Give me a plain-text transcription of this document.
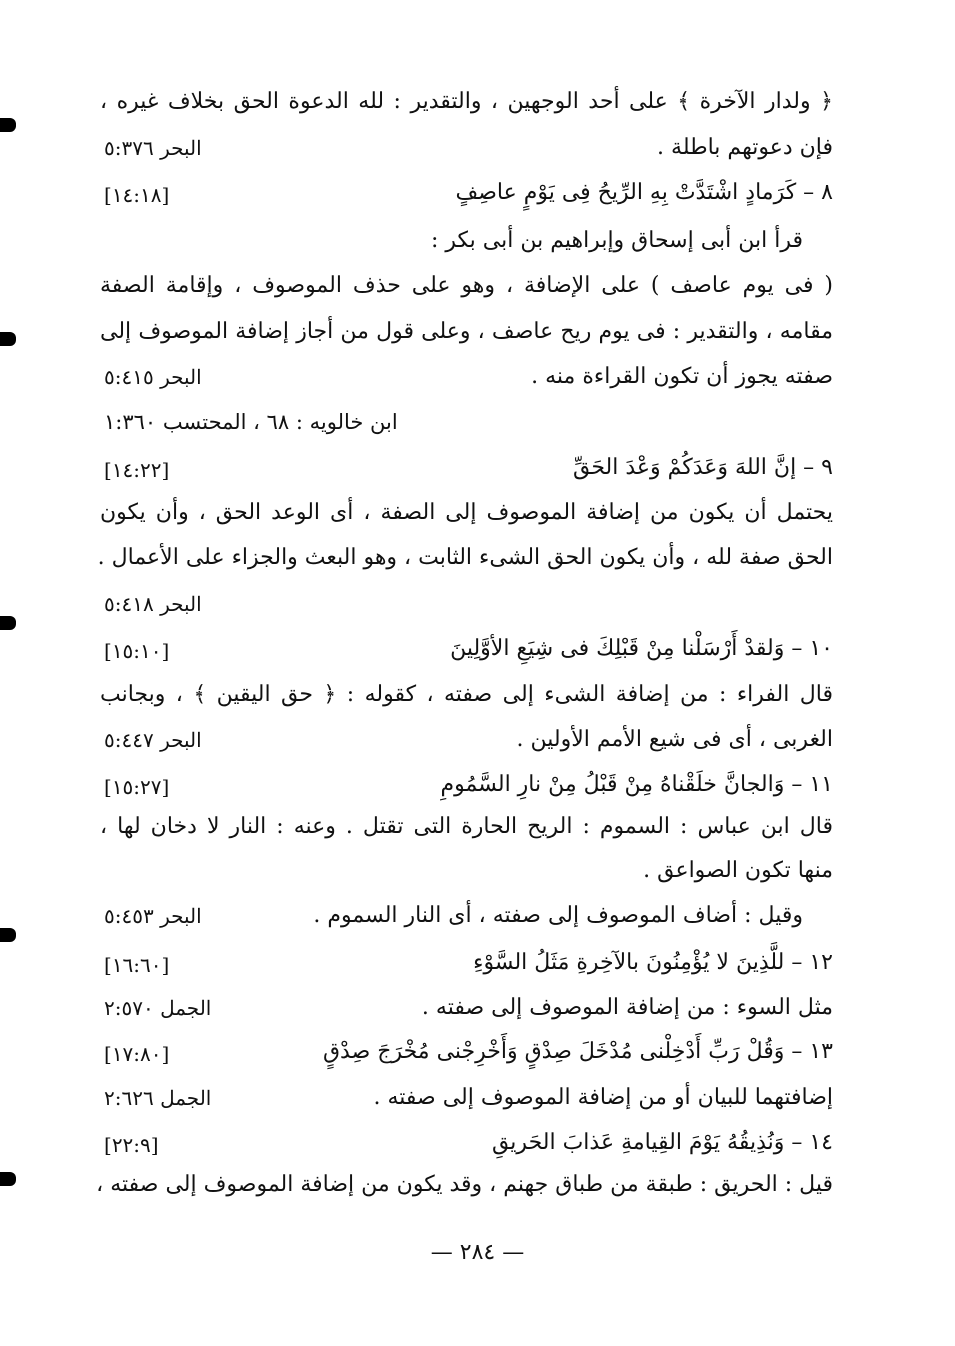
﴿ ولدار الآخرة ﴾ على أحد الوجهين ، والتقدير : لله الدعوة الحق بخلاف غيره ،
فإن دعوتهم باطلة .
البحر ٥:٣٧٦
٨ – كَرَمادٍ اشْتَدَّتْ بِهِ الرِّيحُ فِى يَوْمٍ عاصِفٍ
[١٤:١٨]
قرأ ابن أبى إسحاق وإبراهيم بن أبى بكر :
( فى يوم عاصف ) على الإضافة ، وهو على حذف الموصوف ، وإقامة الصفة
مقامه ، والتقدير : فى يوم ريح عاصف ، وعلى قول من أجاز إضافة الموصوف إلى
صفته يجوز أن تكون القراءة منه .
البحر ٥:٤١٥
ابن خالويه : ٦٨ ، المحتسب ١:٣٦٠
٩ – إنَّ اللهَ وَعَدَكُمْ وَعْدَ الحَقِّ
[١٤:٢٢]
يحتمل أن يكون من إضافة الموصوف إلى الصفة ، أى الوعد الحق ، وأن يكون
الحق صفة لله ، وأن يكون الحق الشىء الثابت ، وهو البعث والجزاء على الأعمال .
البحر ٥:٤١٨
١٠ – وَلقدْ أَرْسَلْنا مِنْ قَبْلِكَ فى شِيَعِ الأوَّلِينَ
[١٥:١٠]
قال الفراء : من إضافة الشىء إلى صفته ، كقوله : ﴿ حق اليقين ﴾ ، وبجانب
الغربى ، أى فى شيع الأمم الأولين .
البحر ٥:٤٤٧
١١ – وَالجانَّ خلَقْناهُ مِنْ قَبْلُ مِنْ نارِ السَّمُومِ
[١٥:٢٧]
قال ابن عباس : السموم : الريح الحارة التى تقتل . وعنه : النار لا دخان لها ،
منها تكون الصواعق .
وقيل : أضاف الموصوف إلى صفته ، أى النار السموم .
البحر ٥:٤٥٣
١٢ – للَّذِينَ لا يُؤْمِنُونَ بالآخِرةِ مَثَلُ السَّوْءِ
[١٦:٦٠]
مثل السوء : من إضافة الموصوف إلى صفته .
الجمل ٢:٥٧٠
١٣ – وَقُلْ رَبِّ أَدْخِلْنى مُدْخَلَ صِدْقٍ وَأَخْرِجْنى مُخْرَجَ صِدْقٍ
[١٧:٨٠]
إضافتهما للبيان أو من إضافة الموصوف إلى صفته .
الجمل ٢:٦٢٦
١٤ – وَنُذِيقُهُ يَوْمَ القِيامةِ عَذابَ الحَريقِ
[٢٢:٩]
قيل : الحريق : طبقة من طباق جهنم ، وقد يكون من إضافة الموصوف إلى صفته ،
— ٢٨٤ —
